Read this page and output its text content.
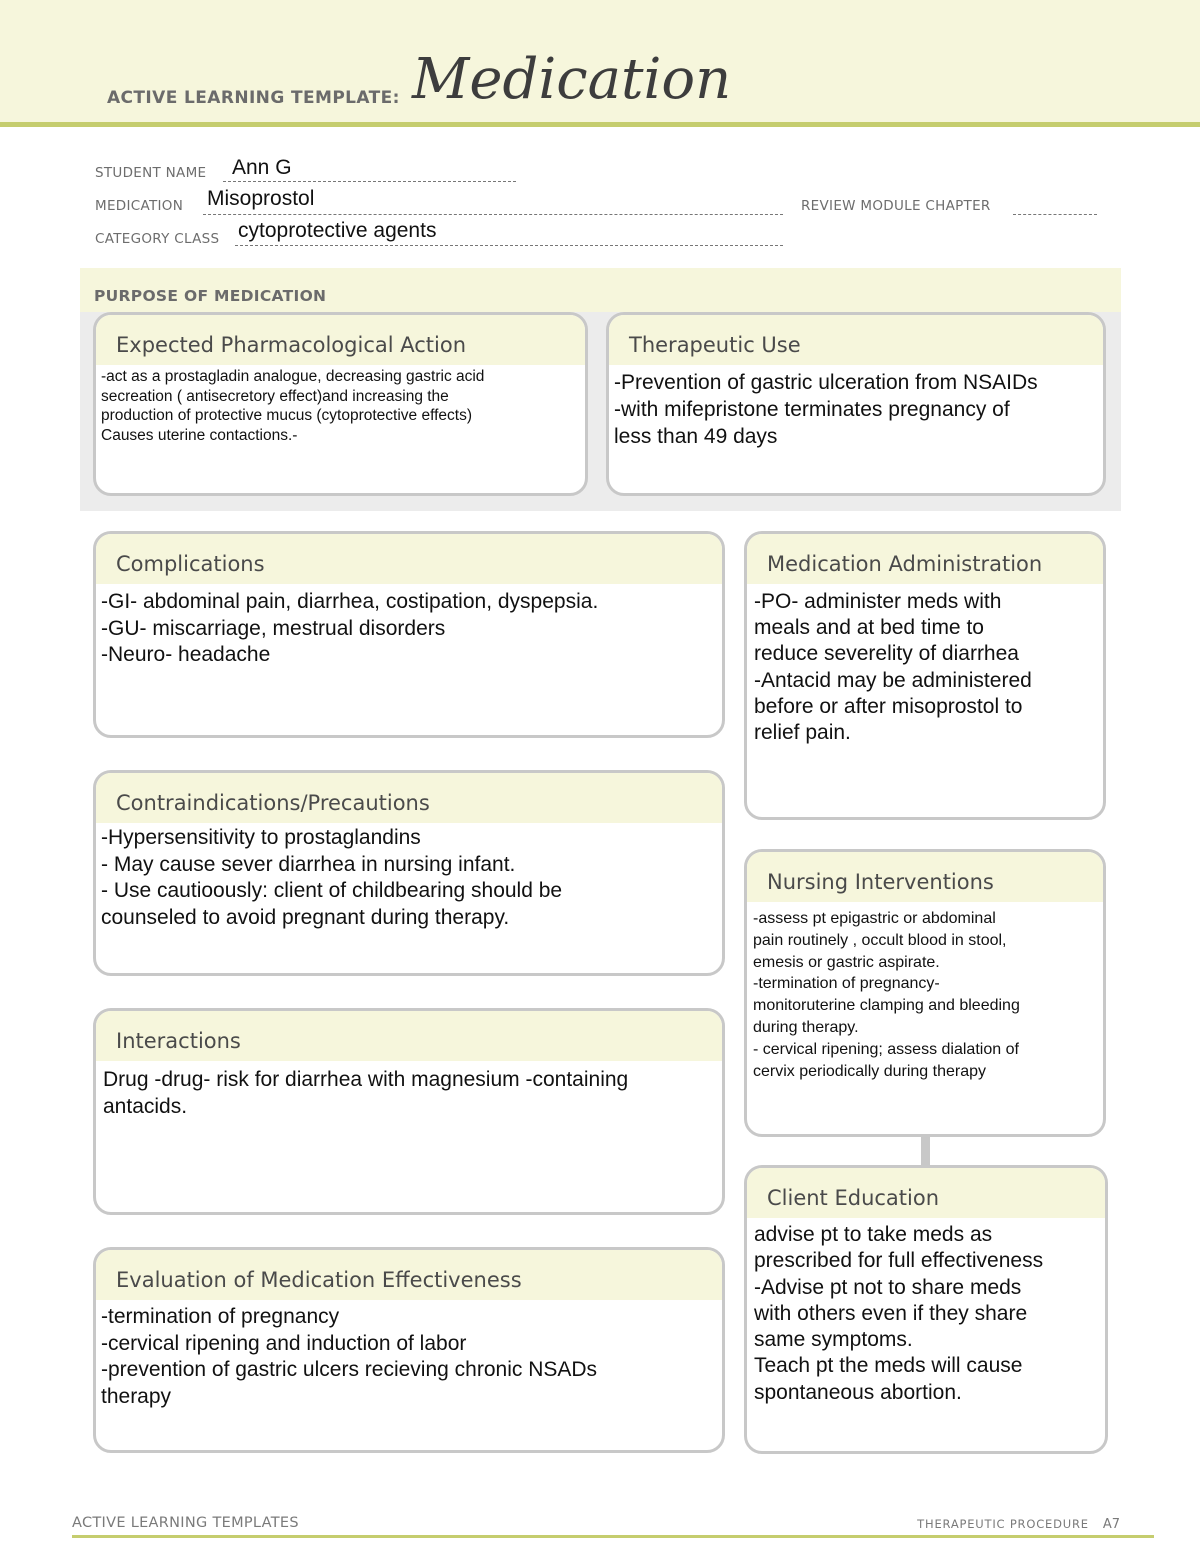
ACTIVE LEARNING TEMPLATE: Medication
STUDENT NAME Ann G
MEDICATION Misoprostol	REVIEW MODULE CHAPTER
CATEGORY CLASS cytoprotective agents
PURPOSE OF MEDICATION
Expected Pharmacological Action
-act as a prostagladin analogue, decreasing gastric acid
secreation ( antisecretory effect)and increasing the
production of protective mucus (cytoprotective effects)
Causes uterine contactions.-
Therapeutic Use
-Prevention of gastric ulceration from NSAIDs
-with mifepristone terminates pregnancy of
less than 49 days
Complications
-GI- abdominal pain, diarrhea, costipation, dyspepsia.
-GU- miscarriage, mestrual disorders
-Neuro- headache
Contraindications/Precautions
-Hypersensitivity to prostaglandins
- May cause sever diarrhea in nursing infant.
- Use cautioously: client of childbearing should be
counseled to avoid pregnant during therapy.
Interactions
Drug -drug- risk for diarrhea with magnesium -containing
antacids.
Evaluation of Medication Effectiveness
-termination of pregnancy
-cervical ripening and induction of labor
-prevention of gastric ulcers recieving chronic NSADs
therapy
Medication Administration
-PO- administer meds with
meals and at bed time to
reduce severelity of diarrhea
-Antacid may be administered
before or after misoprostol to
relief pain.
Nursing Interventions
-assess pt epigastric or abdominal
pain routinely , occult blood in stool,
emesis or gastric aspirate.
-termination of pregnancy-
monitoruterine clamping and bleeding
during therapy.
- cervical ripening; assess dialation of
cervix periodically during therapy
Client Education
advise pt to take meds as
prescribed for full effectiveness
-Advise pt not to share meds
with others even if they share
same symptoms.
Teach pt the meds will cause
spontaneous abortion.
ACTIVE LEARNING TEMPLATES	THERAPEUTIC PROCEDURE A7
